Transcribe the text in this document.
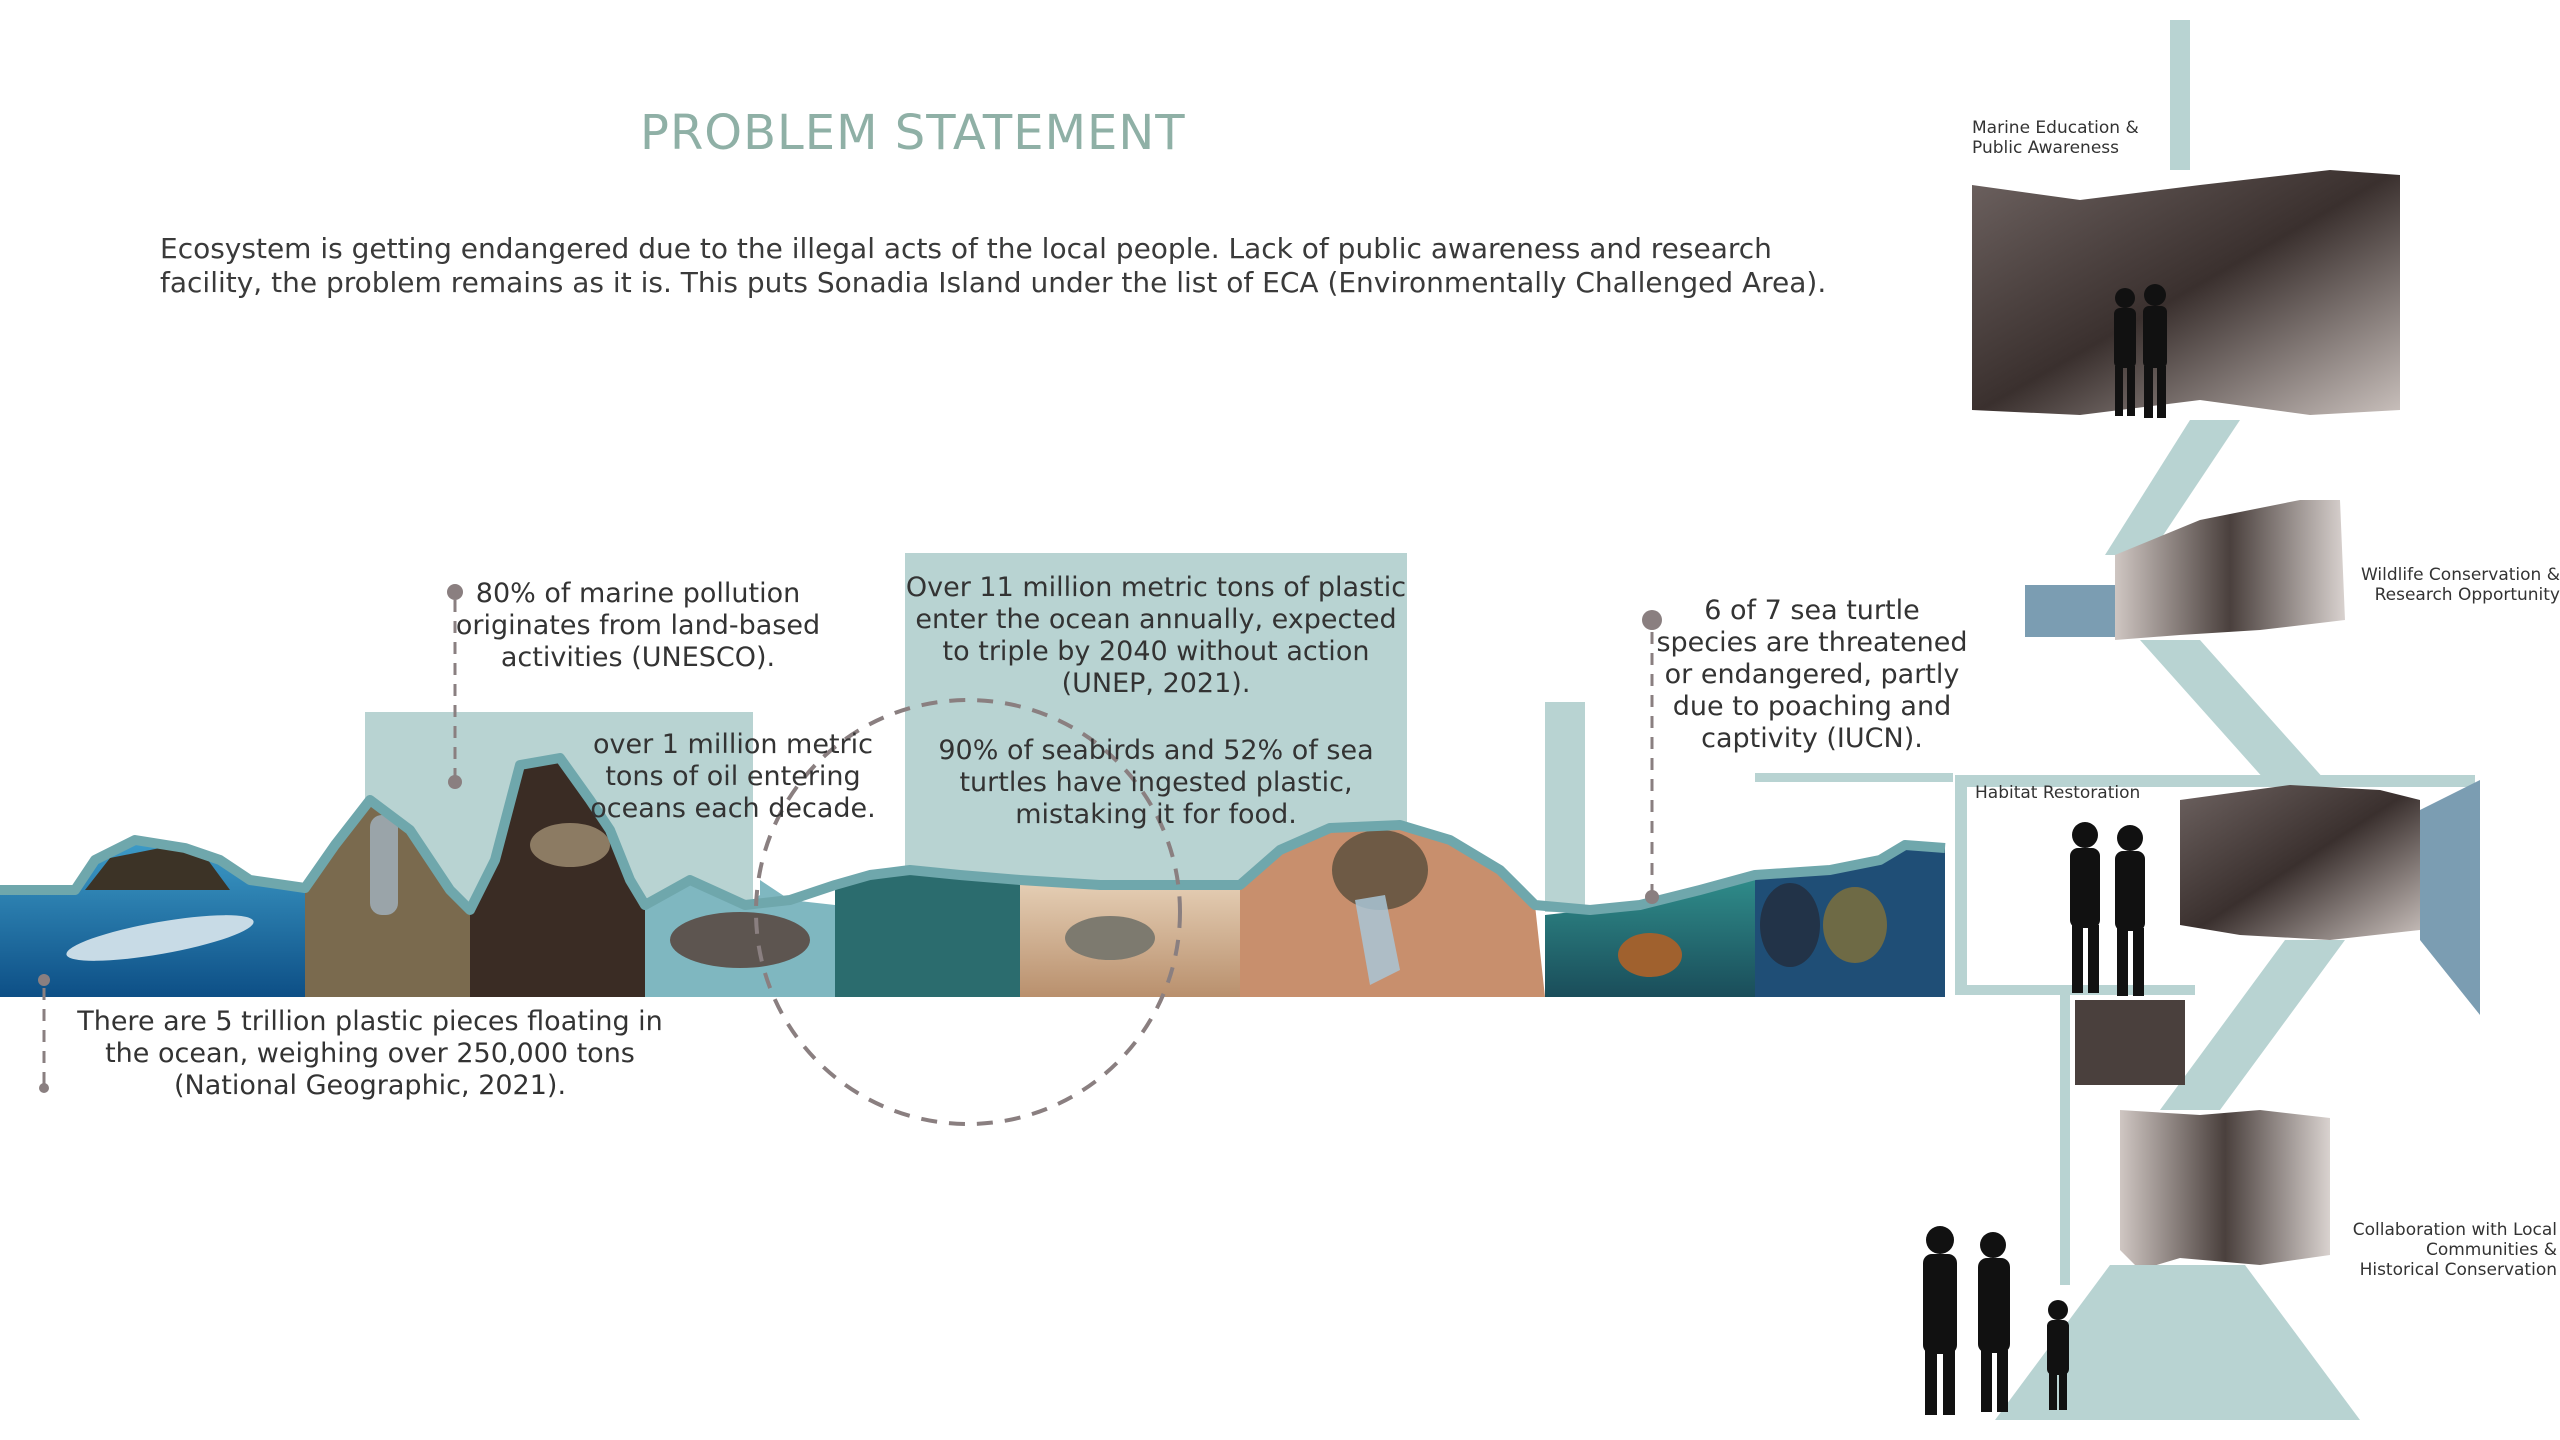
PROBLEM STATEMENT
Ecosystem is getting endangered due to the illegal acts of the local people. Lack of public awareness and research facility, the problem remains as it is. This puts Sonadia Island under the list of ECA (Environmentally Challenged Area).
80% of marine pollution originates from land-based activities (UNESCO).
over 1 million metric tons of oil entering oceans each decade.
Over 11 million metric tons of plastic enter the ocean annually, expected to triple by 2040 without action (UNEP, 2021).
90% of seabirds and 52% of sea turtles have ingested plastic, mistaking it for food.
6 of 7 sea turtle species are threatened or endangered, partly due to poaching and captivity (IUCN).
There are 5 trillion plastic pieces floating in the ocean, weighing over 250,000 tons (National Geographic, 2021).
Marine Education & Public Awareness
Wildlife Conservation & Research Opportunity
Habitat Restoration
Collaboration with Local Communities & Historical Conservation
